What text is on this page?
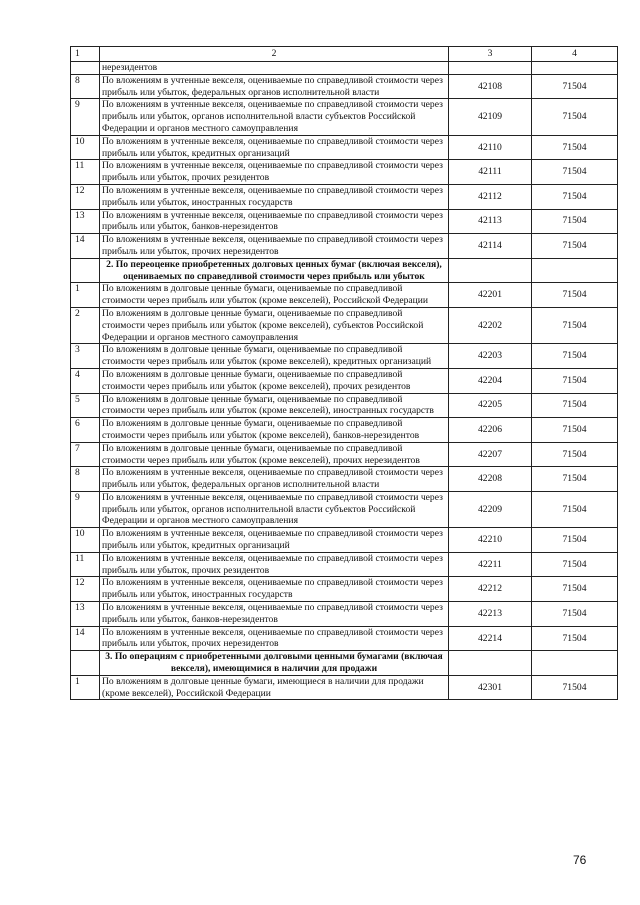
1	2	3	4
	нерезидентов		
8	По вложениям в учтенные векселя, оцениваемые по справедливой стоимости через прибыль или убыток, федеральных органов исполнительной власти	42108	71504
9	По вложениям в учтенные векселя, оцениваемые по справедливой стоимости через прибыль или убыток, органов исполнительной власти субъектов Российской Федерации и органов местного самоуправления	42109	71504
10	По вложениям в учтенные векселя, оцениваемые по справедливой стоимости через прибыль или убыток, кредитных организаций	42110	71504
11	По вложениям в учтенные векселя, оцениваемые по справедливой стоимости через прибыль или убыток, прочих резидентов	42111	71504
12	По вложениям в учтенные векселя, оцениваемые по справедливой стоимости через прибыль или убыток, иностранных государств	42112	71504
13	По вложениям в учтенные векселя, оцениваемые по справедливой стоимости через прибыль или убыток, банков-нерезидентов	42113	71504
14	По вложениям в учтенные векселя, оцениваемые по справедливой стоимости через прибыль или убыток, прочих нерезидентов	42114	71504
	2. По переоценке приобретенных долговых ценных бумаг (включая векселя), оцениваемых по справедливой стоимости через прибыль или убыток		
1	По вложениям в долговые ценные бумаги, оцениваемые по справедливой стоимости через прибыль или убыток (кроме векселей), Российской Федерации	42201	71504
2	По вложениям в долговые ценные бумаги, оцениваемые по справедливой стоимости через прибыль или убыток (кроме векселей), субъектов Российской Федерации и органов местного самоуправления	42202	71504
3	По вложениям в долговые ценные бумаги, оцениваемые по справедливой стоимости через прибыль или убыток (кроме векселей), кредитных организаций	42203	71504
4	По вложениям в долговые ценные бумаги, оцениваемые по справедливой стоимости через прибыль или убыток (кроме векселей), прочих резидентов	42204	71504
5	По вложениям в долговые ценные бумаги, оцениваемые по справедливой стоимости через прибыль или убыток (кроме векселей), иностранных государств	42205	71504
6	По вложениям в долговые ценные бумаги, оцениваемые по справедливой стоимости через прибыль или убыток (кроме векселей), банков-нерезидентов	42206	71504
7	По вложениям в долговые ценные бумаги, оцениваемые по справедливой стоимости через прибыль или убыток (кроме векселей), прочих нерезидентов	42207	71504
8	По вложениям в учтенные векселя, оцениваемые по справедливой стоимости через прибыль или убыток, федеральных органов исполнительной власти	42208	71504
9	По вложениям в учтенные векселя, оцениваемые по справедливой стоимости через прибыль или убыток, органов исполнительной власти субъектов Российской Федерации и органов местного самоуправления	42209	71504
10	По вложениям в учтенные векселя, оцениваемые по справедливой стоимости через прибыль или убыток, кредитных организаций	42210	71504
11	По вложениям в учтенные векселя, оцениваемые по справедливой стоимости через прибыль или убыток, прочих резидентов	42211	71504
12	По вложениям в учтенные векселя, оцениваемые по справедливой стоимости через прибыль или убыток, иностранных государств	42212	71504
13	По вложениям в учтенные векселя, оцениваемые по справедливой стоимости через прибыль или убыток, банков-нерезидентов	42213	71504
14	По вложениям в учтенные векселя, оцениваемые по справедливой стоимости через прибыль или убыток, прочих нерезидентов	42214	71504
	3. По операциям с приобретенными долговыми ценными бумагами (включая векселя), имеющимися в наличии для продажи		
1	По вложениям в долговые ценные бумаги, имеющиеся в наличии для продажи (кроме векселей), Российской Федерации	42301	71504
76
